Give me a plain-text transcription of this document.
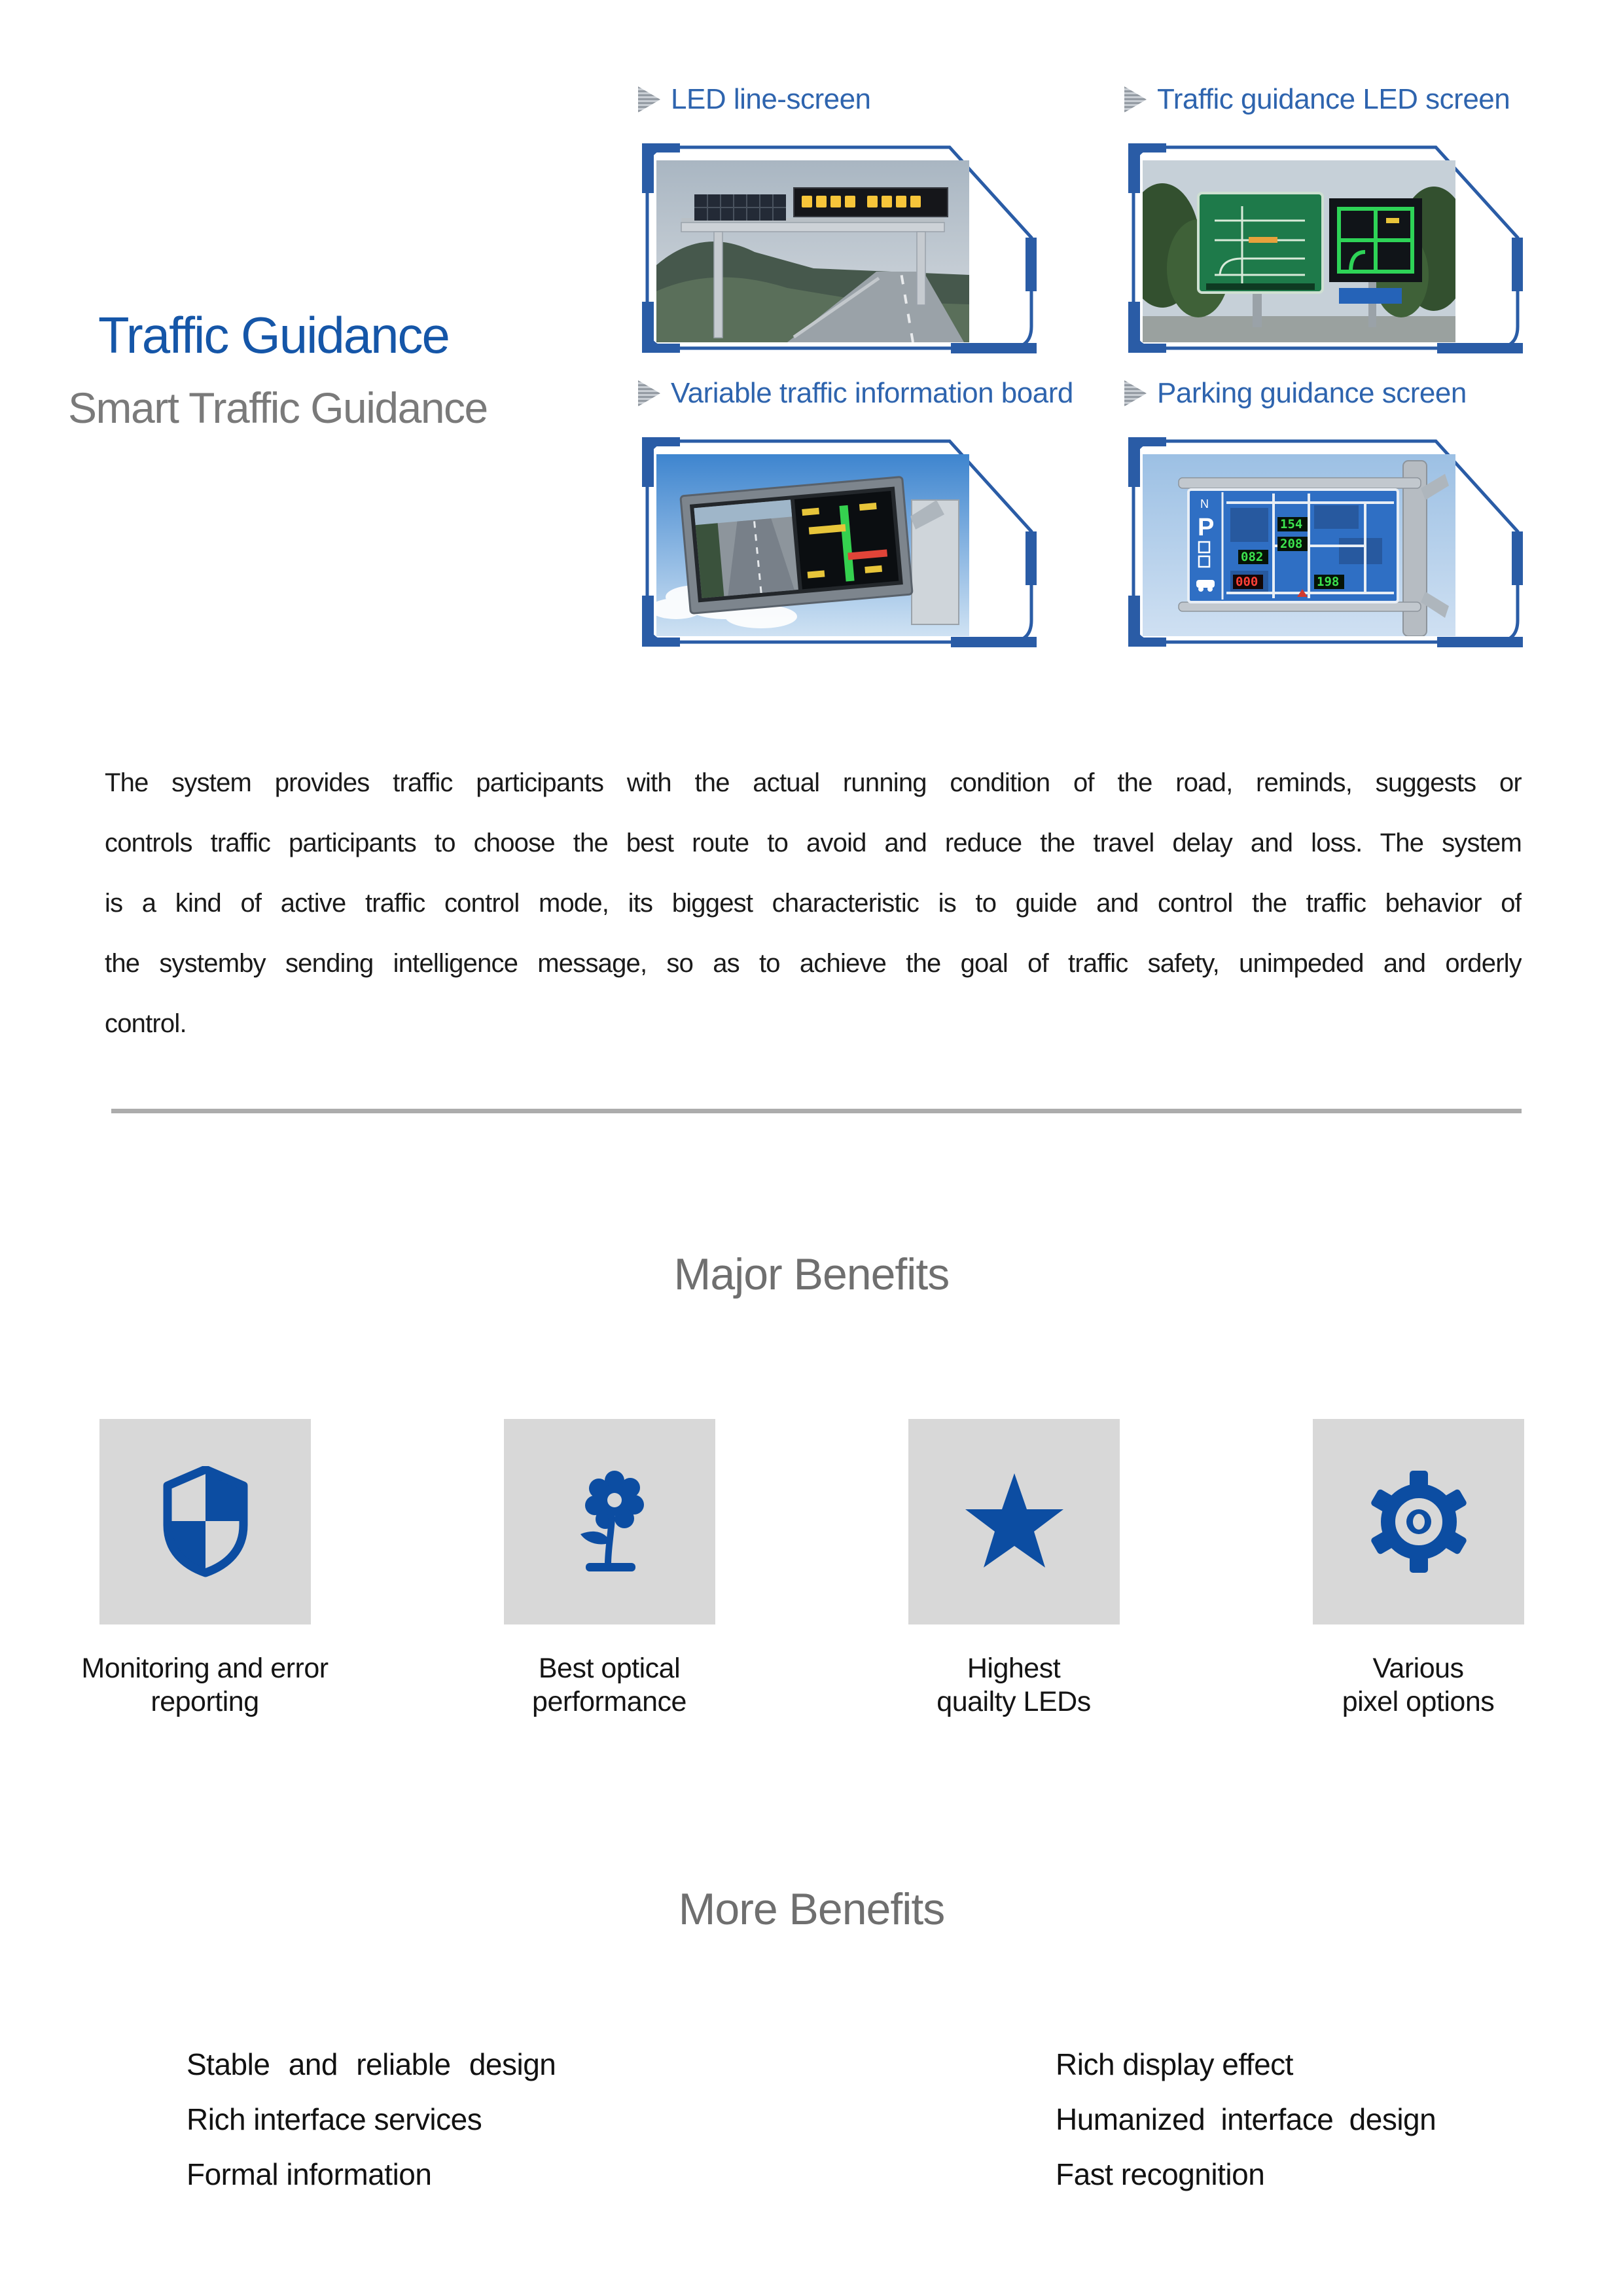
Traffic Guidance
Smart Traffic Guidance
LED line-screen	Traffic guidance LED screen
Variable traffic information board	Parking guidance screen
N
P	154
208
082
000	198
The system provides traffic participants with the actual running condition of the road, reminds, suggests or
controls traffic participants to choose the best route to avoid and reduce the travel delay and loss. The system
is a kind of active traffic control mode, its biggest characteristic is to guide and control the traffic behavior of
the systemby sending intelligence message, so as to achieve the goal of traffic safety, unimpeded and orderly
control.
Major Benefits
Monitoring and error
reporting
Best optical
performance
Highest
quailty LEDs
Various
pixel options
More Benefits
Stable and reliable design
Rich interface services
Formal information
Rich display effect
Humanized interface design
Fast recognition
